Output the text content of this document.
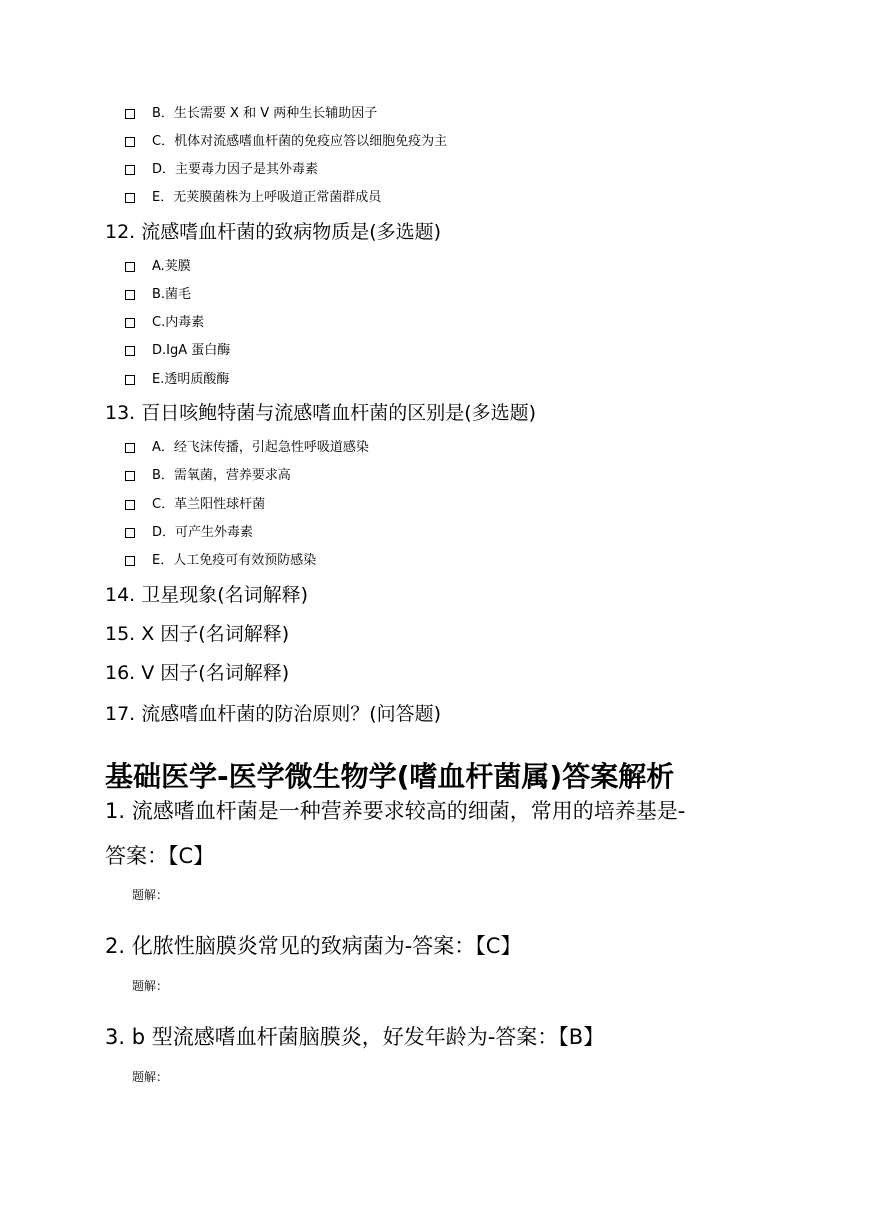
B．生长需要 X 和 V 两种生长辅助因子
C．机体对流感嗜血杆菌的免疫应答以细胞免疫为主
D．主要毒力因子是其外毒素
E．无荚膜菌株为上呼吸道正常菌群成员
12. 流感嗜血杆菌的致病物质是(多选题)
A.荚膜
B.菌毛
C.内毒素
D.IgA 蛋白酶
E.透明质酸酶
13. 百日咳鲍特菌与流感嗜血杆菌的区别是(多选题)
A．经飞沫传播，引起急性呼吸道感染
B．需氧菌，营养要求高
C．革兰阳性球杆菌
D．可产生外毒素
E．人工免疫可有效预防感染
14. 卫星现象(名词解释)
15. X 因子(名词解释)
16. V 因子(名词解释)
17. 流感嗜血杆菌的防治原则？(问答题)
基础医学-医学微生物学(嗜血杆菌属)答案解析
1. 流感嗜血杆菌是一种营养要求较高的细菌，常用的培养基是-
答案：【C】
题解：
2. 化脓性脑膜炎常见的致病菌为-答案：【C】
题解：
3. b 型流感嗜血杆菌脑膜炎，好发年龄为-答案：【B】
题解：
